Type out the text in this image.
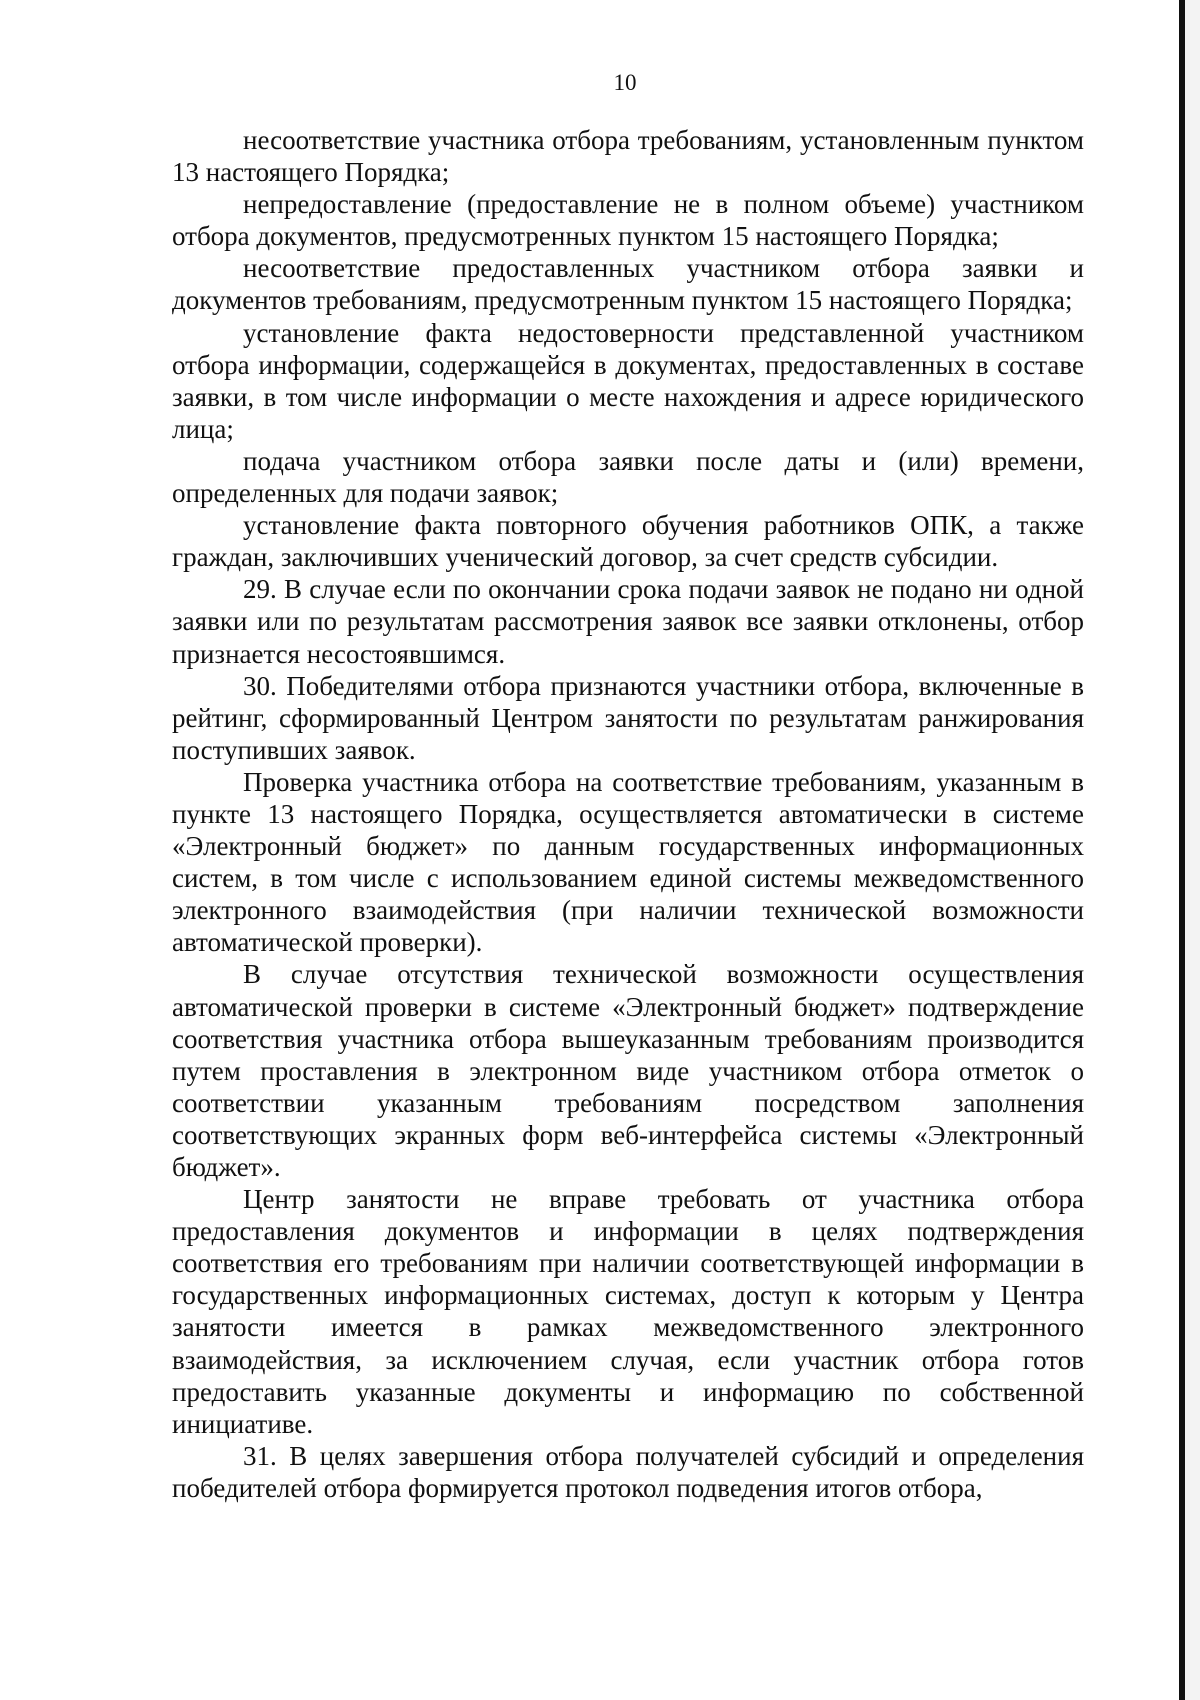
10

несоответствие участника отбора требованиям, установленным пунктом 13 настоящего Порядка;

непредоставление (предоставление не в полном объеме) участником отбора документов, предусмотренных пунктом 15 настоящего Порядка;

несоответствие предоставленных участником отбора заявки и документов требованиям, предусмотренным пунктом 15 настоящего Порядка;

установление факта недостоверности представленной участником отбора информации, содержащейся в документах, предоставленных в составе заявки, в том числе информации о месте нахождения и адресе юридического лица;

подача участником отбора заявки после даты и (или) времени, определенных для подачи заявок;

установление факта повторного обучения работников ОПК, а также граждан, заключивших ученический договор, за счет средств субсидии.

29. В случае если по окончании срока подачи заявок не подано ни одной заявки или по результатам рассмотрения заявок все заявки отклонены, отбор признается несостоявшимся.

30. Победителями отбора признаются участники отбора, включенные в рейтинг, сформированный Центром занятости по результатам ранжирования поступивших заявок.

Проверка участника отбора на соответствие требованиям, указанным в пункте 13 настоящего Порядка, осуществляется автоматически в системе «Электронный бюджет» по данным государственных информационных систем, в том числе с использованием единой системы межведомственного электронного взаимодействия (при наличии технической возможности автоматической проверки).

В случае отсутствия технической возможности осуществления автоматической проверки в системе «Электронный бюджет» подтверждение соответствия участника отбора вышеуказанным требованиям производится путем проставления в электронном виде участником отбора отметок о соответствии указанным требованиям посредством заполнения соответствующих экранных форм веб-интерфейса системы «Электронный бюджет».

Центр занятости не вправе требовать от участника отбора предоставления документов и информации в целях подтверждения соответствия его требованиям при наличии соответствующей информации в государственных информационных системах, доступ к которым у Центра занятости имеется в рамках межведомственного электронного взаимодействия, за исключением случая, если участник отбора готов предоставить указанные документы и информацию по собственной инициативе.

31. В целях завершения отбора получателей субсидий и определения победителей отбора формируется протокол подведения итогов отбора,
